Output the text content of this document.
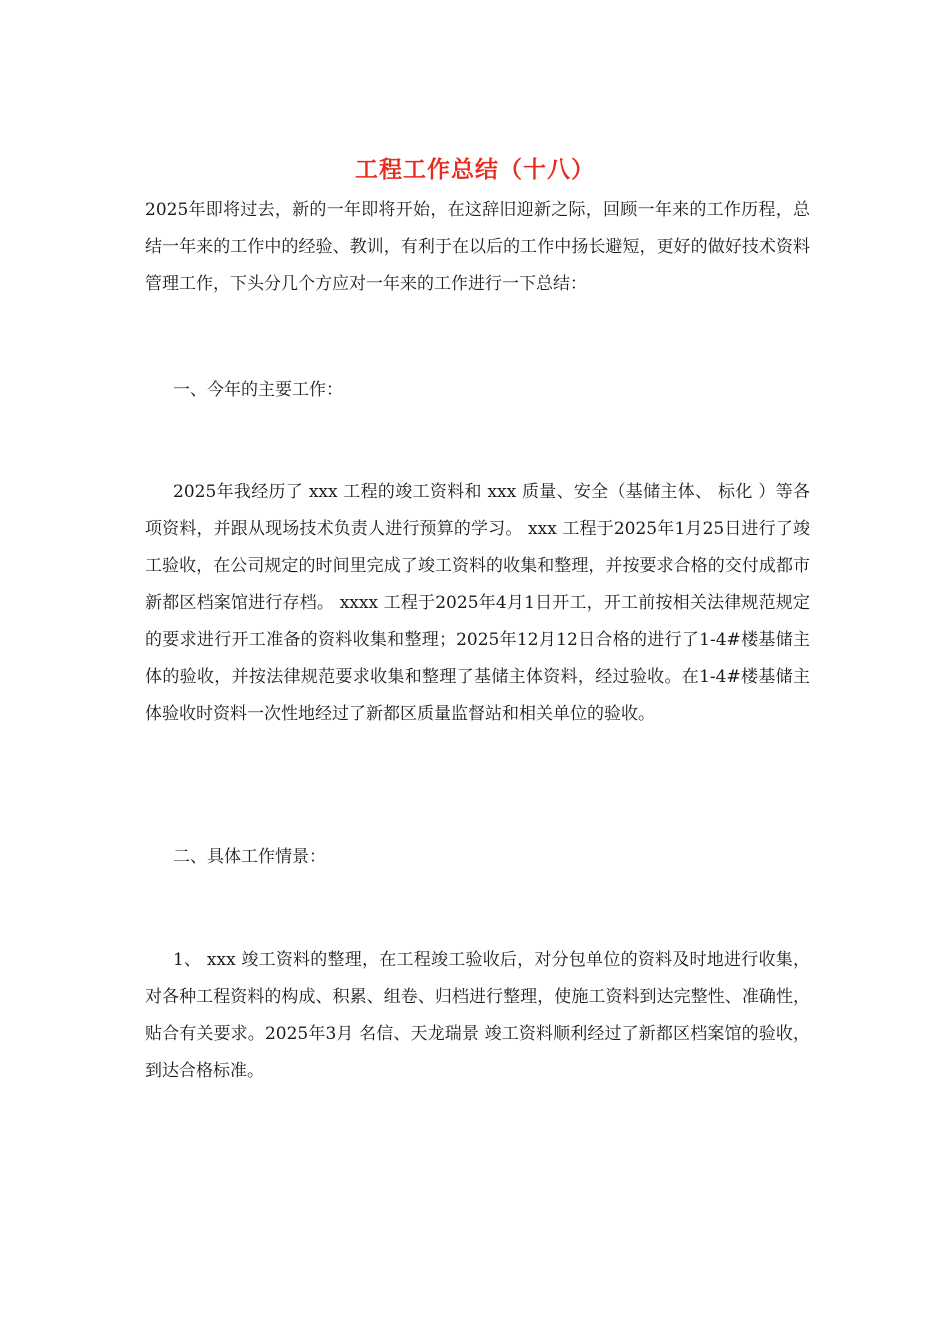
工程工作总结（十八）

2025年即将过去，新的一年即将开始，在这辞旧迎新之际，回顾一年来的工作历程，总结一年来的工作中的经验、教训，有利于在以后的工作中扬长避短，更好的做好技术资料管理工作，下头分几个方应对一年来的工作进行一下总结：

一、今年的主要工作：

2025年我经历了 xxx 工程的竣工资料和 xxx 质量、安全（基储主体、 标化 ）等各项资料，并跟从现场技术负责人进行预算的学习。 xxx 工程于2025年1月25日进行了竣工验收，在公司规定的时间里完成了竣工资料的收集和整理，并按要求合格的交付成都市新都区档案馆进行存档。 xxxx 工程于2025年4月1日开工，开工前按相关法律规范规定的要求进行开工准备的资料收集和整理；2025年12月12日合格的进行了1-4#楼基储主体的验收，并按法律规范要求收集和整理了基储主体资料，经过验收。在1-4#楼基储主体验收时资料一次性地经过了新都区质量监督站和相关单位的验收。

二、具体工作情景：

1、 xxx 竣工资料的整理，在工程竣工验收后，对分包单位的资料及时地进行收集，对各种工程资料的构成、积累、组卷、归档进行整理，使施工资料到达完整性、准确性，贴合有关要求。2025年3月 名信、天龙瑞景 竣工资料顺利经过了新都区档案馆的验收，到达合格标准。
